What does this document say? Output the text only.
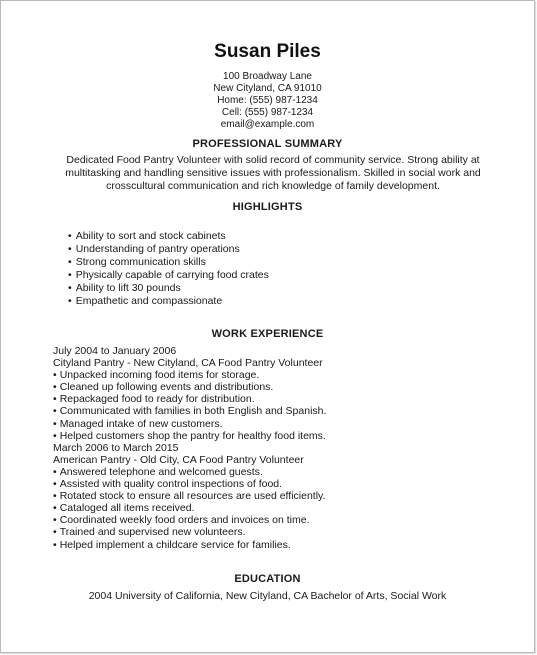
Susan Piles
100 Broadway Lane
New Cityland, CA 91010
Home: (555) 987-1234
Cell: (555) 987-1234
email@example.com
PROFESSIONAL SUMMARY
Dedicated Food Pantry Volunteer with solid record of community service. Strong ability at multitasking and handling sensitive issues with professionalism. Skilled in social work and crosscultural communication and rich knowledge of family development.
HIGHLIGHTS
• Ability to sort and stock cabinets
• Understanding of pantry operations
• Strong communication skills
• Physically capable of carrying food crates
• Ability to lift 30 pounds
• Empathetic and compassionate
WORK EXPERIENCE
July 2004 to January 2006
Cityland Pantry - New Cityland, CA Food Pantry Volunteer
• Unpacked incoming food items for storage.
• Cleaned up following events and distributions.
• Repackaged food to ready for distribution.
• Communicated with families in both English and Spanish.
• Managed intake of new customers.
• Helped customers shop the pantry for healthy food items.
March 2006 to March 2015
American Pantry - Old City, CA Food Pantry Volunteer
• Answered telephone and welcomed guests.
• Assisted with quality control inspections of food.
• Rotated stock to ensure all resources are used efficiently.
• Cataloged all items received.
• Coordinated weekly food orders and invoices on time.
• Trained and supervised new volunteers.
• Helped implement a childcare service for families.
EDUCATION
2004 University of California, New Cityland, CA Bachelor of Arts, Social Work
